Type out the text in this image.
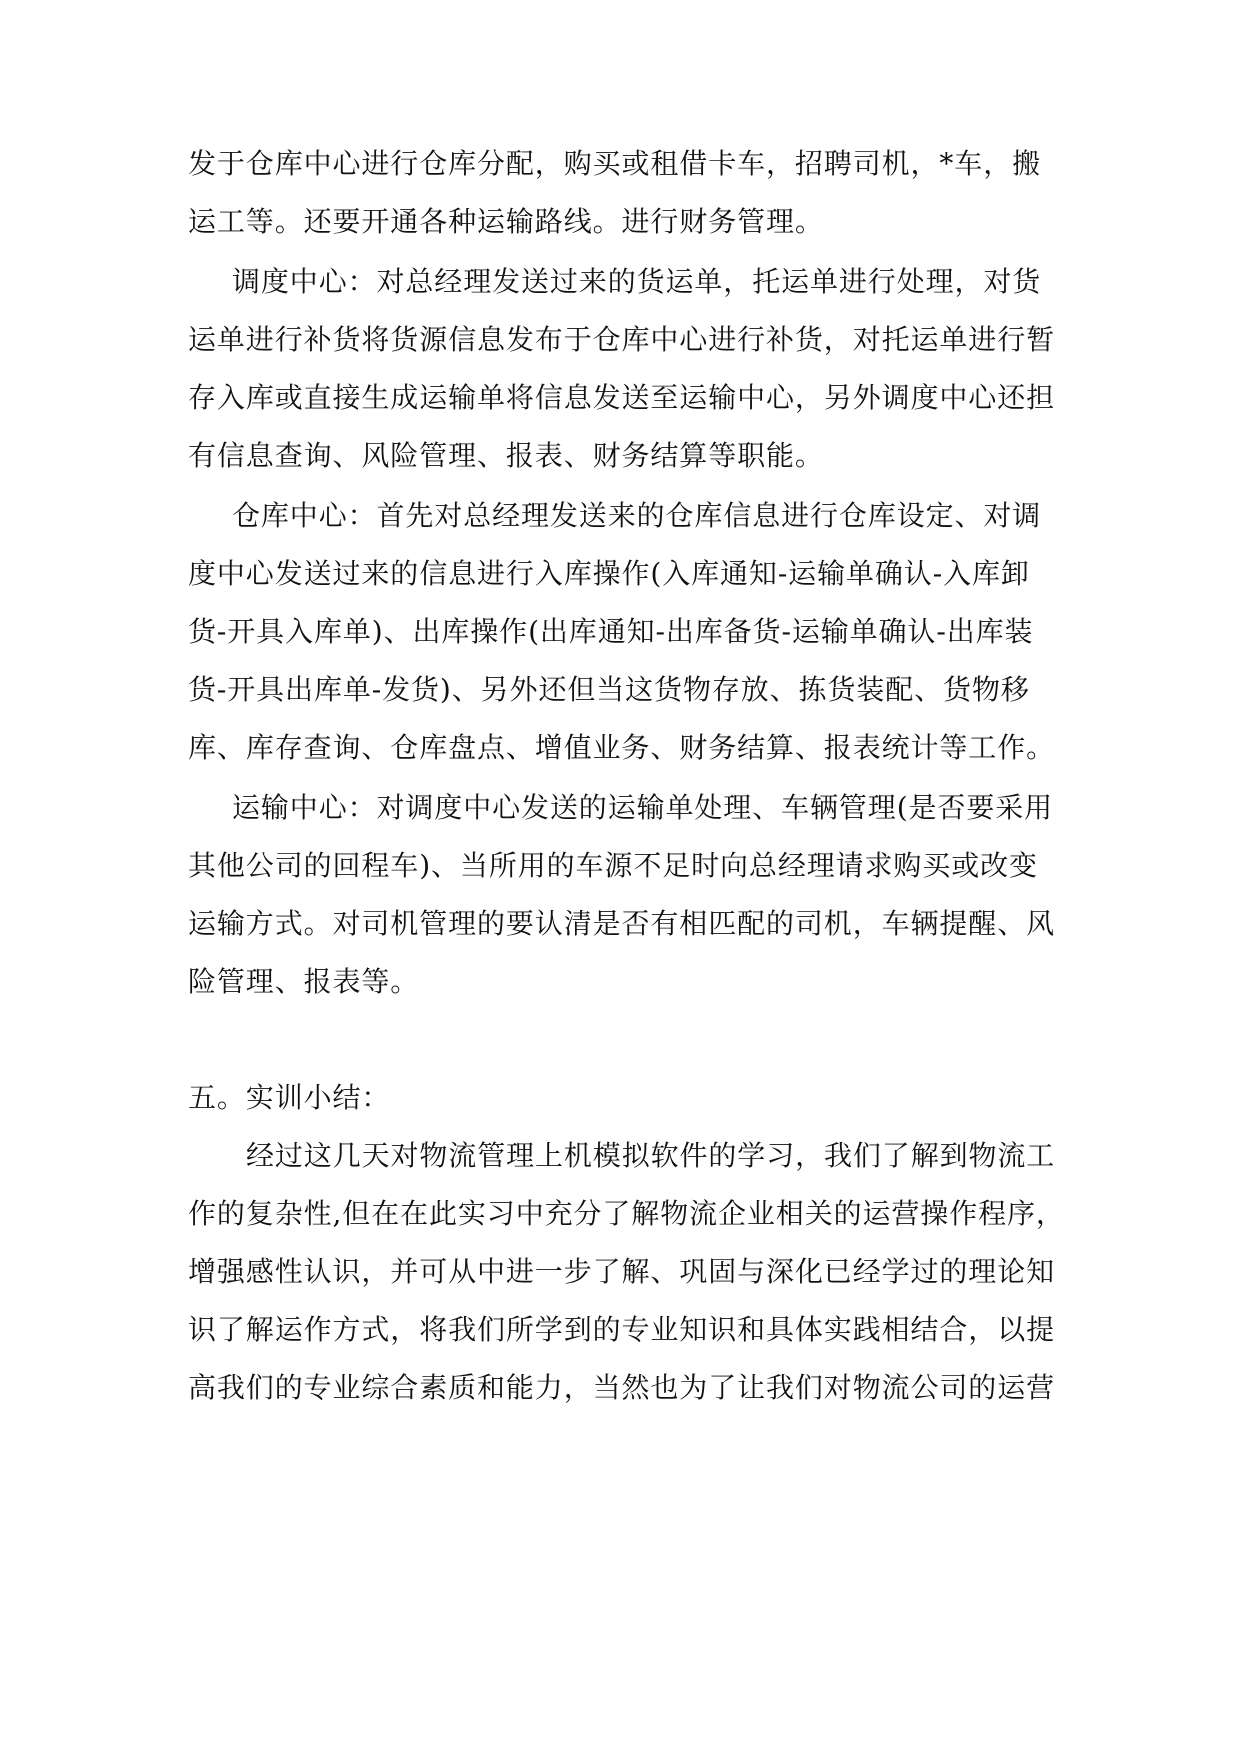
发于仓库中心进行仓库分配，购买或租借卡车，招聘司机，*车，搬
运工等。还要开通各种运输路线。进行财务管理。
调度中心：对总经理发送过来的货运单，托运单进行处理，对货
运单进行补货将货源信息发布于仓库中心进行补货，对托运单进行暂
存入库或直接生成运输单将信息发送至运输中心，另外调度中心还担
有信息查询、风险管理、报表、财务结算等职能。
仓库中心：首先对总经理发送来的仓库信息进行仓库设定、对调
度中心发送过来的信息进行入库操作(入库通知-运输单确认-入库卸
货-开具入库单)、出库操作(出库通知-出库备货-运输单确认-出库装
货-开具出库单-发货)、另外还但当这货物存放、拣货装配、货物移
库、库存查询、仓库盘点、增值业务、财务结算、报表统计等工作。
运输中心：对调度中心发送的运输单处理、车辆管理(是否要采用
其他公司的回程车)、当所用的车源不足时向总经理请求购买或改变
运输方式。对司机管理的要认清是否有相匹配的司机，车辆提醒、风
险管理、报表等。
五。实训小结：
经过这几天对物流管理上机模拟软件的学习，我们了解到物流工
作的复杂性,但在在此实习中充分了解物流企业相关的运营操作程序，
增强感性认识，并可从中进一步了解、巩固与深化已经学过的理论知
识了解运作方式，将我们所学到的专业知识和具体实践相结合，以提
高我们的专业综合素质和能力，当然也为了让我们对物流公司的运营
